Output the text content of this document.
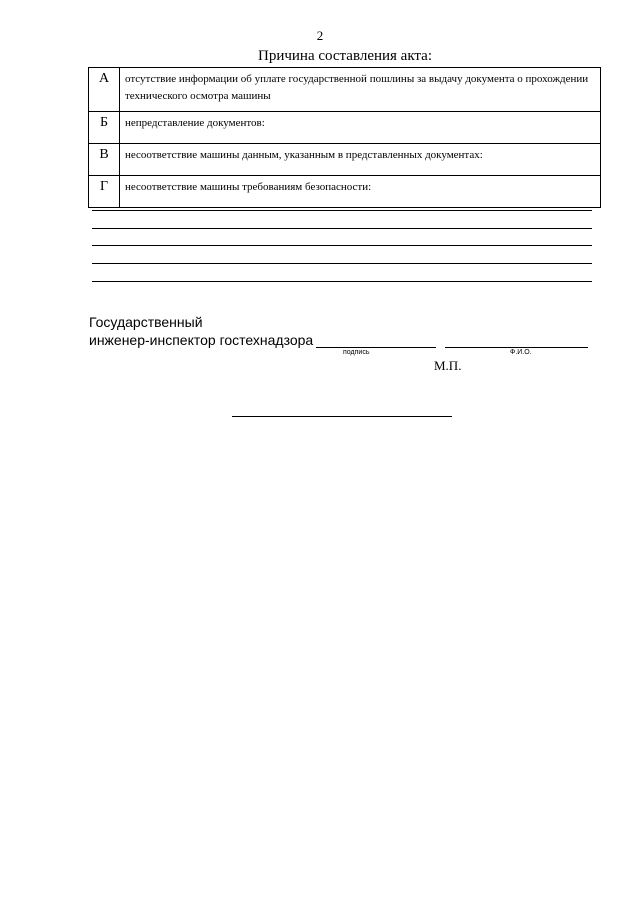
2
Причина составления акта:
А	отсутствие информации об уплате государственной пошлины за выдачу документа о прохождении технического осмотра машины
Б	непредставление документов:
В	несоответствие машины данным, указанным в представленных документах:
Г	несоответствие машины требованиям безопасности:
Государственный
инженер-инспектор гостехнадзора
подпись	Ф.И.О.
М.П.
